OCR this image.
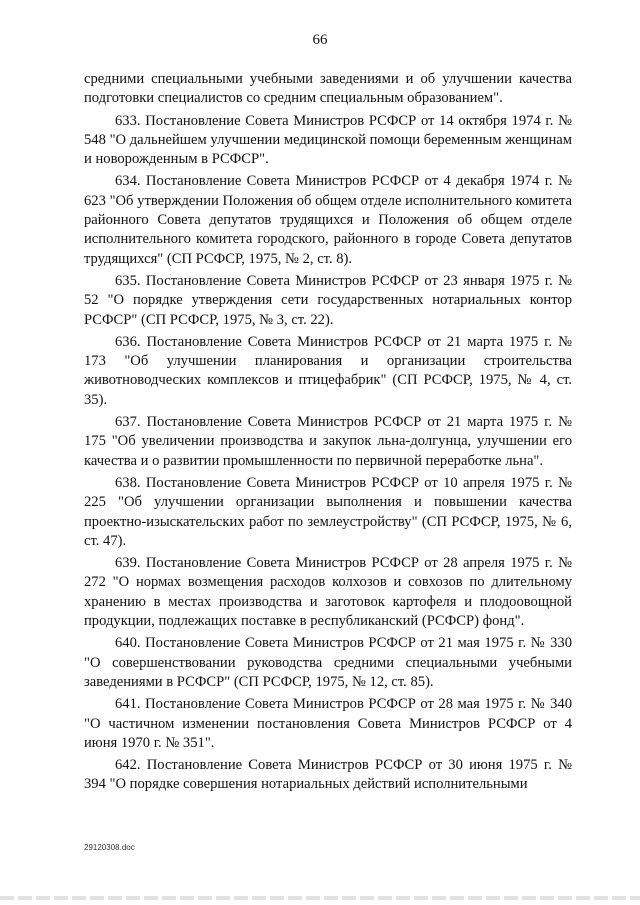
66

средними специальными учебными заведениями и об улучшении качества подготовки специалистов со средним специальным образованием".

633. Постановление Совета Министров РСФСР от 14 октября 1974 г. № 548 "О дальнейшем улучшении медицинской помощи беременным женщинам и новорожденным в РСФСР".

634. Постановление Совета Министров РСФСР от 4 декабря 1974 г. № 623 "Об утверждении Положения об общем отделе исполнительного комитета районного Совета депутатов трудящихся и Положения об общем отделе исполнительного комитета городского, районного в городе Совета депутатов трудящихся" (СП РСФСР, 1975, № 2, ст. 8).

635. Постановление Совета Министров РСФСР от 23 января 1975 г. № 52 "О порядке утверждения сети государственных нотариальных контор РСФСР" (СП РСФСР, 1975, № 3, ст. 22).

636. Постановление Совета Министров РСФСР от 21 марта 1975 г. № 173 "Об улучшении планирования и организации строительства животноводческих комплексов и птицефабрик" (СП РСФСР, 1975, № 4, ст. 35).

637. Постановление Совета Министров РСФСР от 21 марта 1975 г. № 175 "Об увеличении производства и закупок льна-долгунца, улучшении его качества и о развитии промышленности по первичной переработке льна".

638. Постановление Совета Министров РСФСР от 10 апреля 1975 г. № 225 "Об улучшении организации выполнения и повышении качества проектно-изыскательских работ по землеустройству" (СП РСФСР, 1975, № 6, ст. 47).

639. Постановление Совета Министров РСФСР от 28 апреля 1975 г. № 272 "О нормах возмещения расходов колхозов и совхозов по длительному хранению в местах производства и заготовок картофеля и плодоовощной продукции, подлежащих поставке в республиканский (РСФСР) фонд".

640. Постановление Совета Министров РСФСР от 21 мая 1975 г. № 330 "О совершенствовании руководства средними специальными учебными заведениями в РСФСР" (СП РСФСР, 1975, № 12, ст. 85).

641. Постановление Совета Министров РСФСР от 28 мая 1975 г. № 340 "О частичном изменении постановления Совета Министров РСФСР от 4 июня 1970 г. № 351".

642. Постановление Совета Министров РСФСР от 30 июня 1975 г. № 394 "О порядке совершения нотариальных действий исполнительными

29120308.doc
